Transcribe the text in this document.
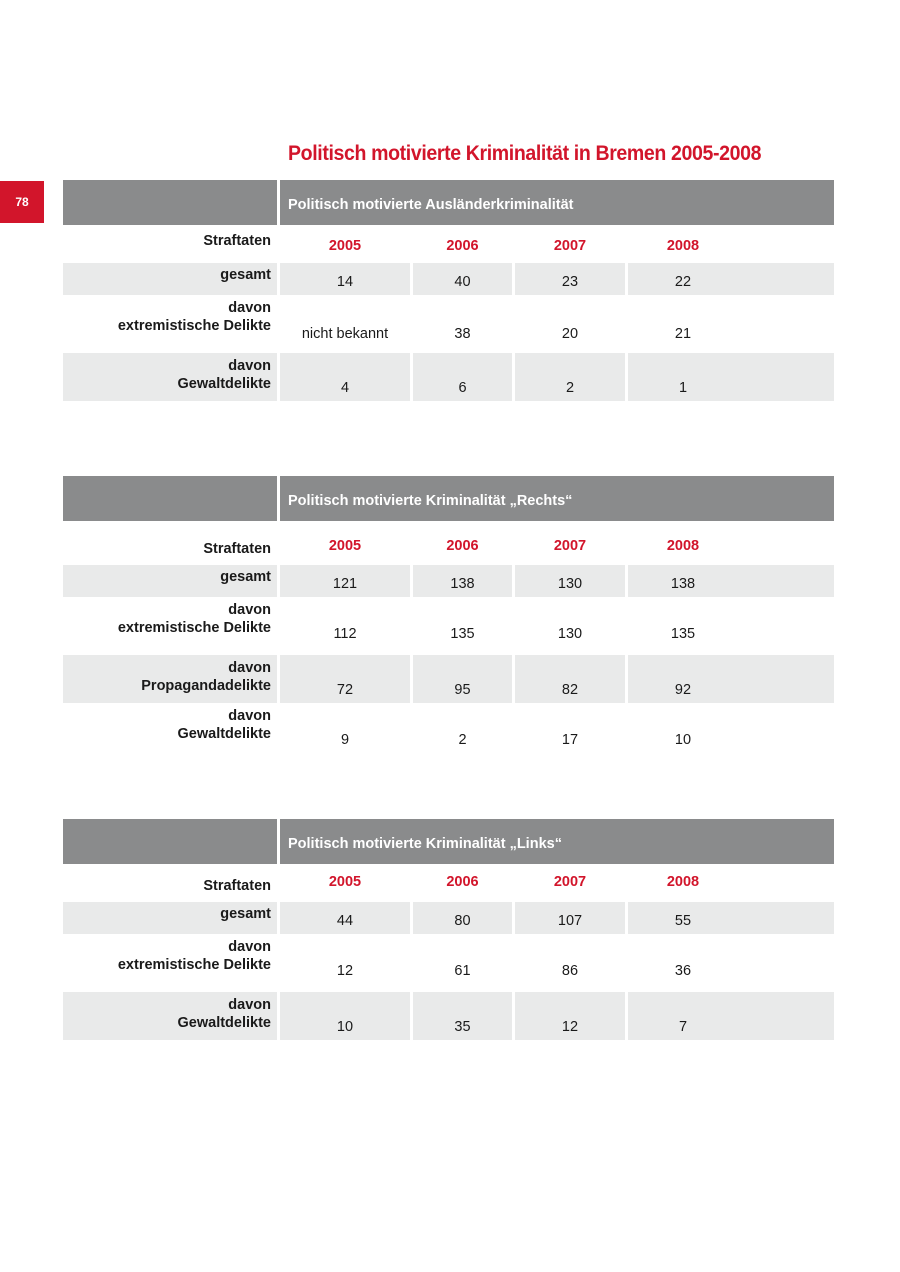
78
Politisch motivierte Kriminalität in Bremen 2005-2008
Politisch motivierte Ausländerkriminalität
Straftaten	2005	2006	2007	2008
gesamt	14	40	23	22
davon
extremistische Delikte	nicht bekannt	38	20	21
davon
Gewaltdelikte	4	6	2	1
Politisch motivierte Kriminalität „Rechts“
Straftaten	2005	2006	2007	2008
gesamt	121	138	130	138
davon
extremistische Delikte	112	135	130	135
davon
Propagandadelikte	72	95	82	92
davon
Gewaltdelikte	9	2	17	10
Politisch motivierte Kriminalität „Links“
Straftaten	2005	2006	2007	2008
gesamt	44	80	107	55
davon
extremistische Delikte	12	61	86	36
davon
Gewaltdelikte	10	35	12	7
